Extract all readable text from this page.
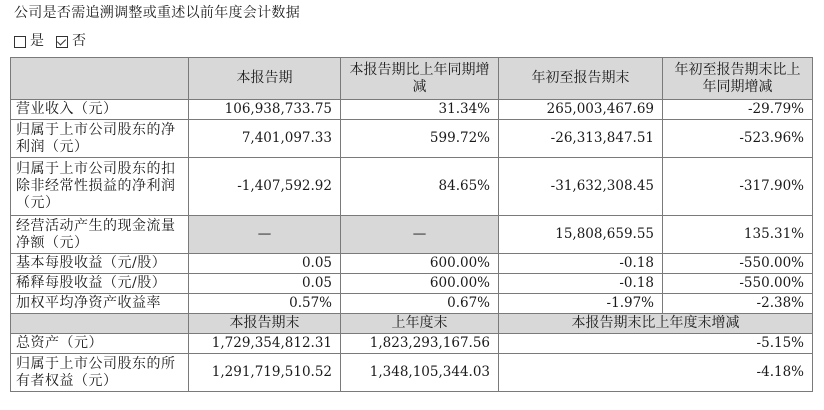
公司是否需追溯调整或重述以前年度会计数据
是 否
	本报告期	本报告期比上年同期增减	年初至报告期末	年初至报告期末比上年同期增减
营业收入（元）	106,938,733.75	31.34%	265,003,467.69	-29.79%
归属于上市公司股东的净利润（元）	7,401,097.33	599.72%	-26,313,847.51	-523.96%
归属于上市公司股东的扣除非经常性损益的净利润（元）	-1,407,592.92	84.65%	-31,632,308.45	-317.90%
经营活动产生的现金流量净额（元）	—	—	15,808,659.55	135.31%
基本每股收益（元/股）	0.05	600.00%	-0.18	-550.00%
稀释每股收益（元/股）	0.05	600.00%	-0.18	-550.00%
加权平均净资产收益率	0.57%	0.67%	-1.97%	-2.38%
	本报告期末	上年度末	本报告期末比上年度末增减	
总资产（元）	1,729,354,812.31	1,823,293,167.56	-5.15%	
归属于上市公司股东的所有者权益（元）	1,291,719,510.52	1,348,105,344.03	-4.18%	
